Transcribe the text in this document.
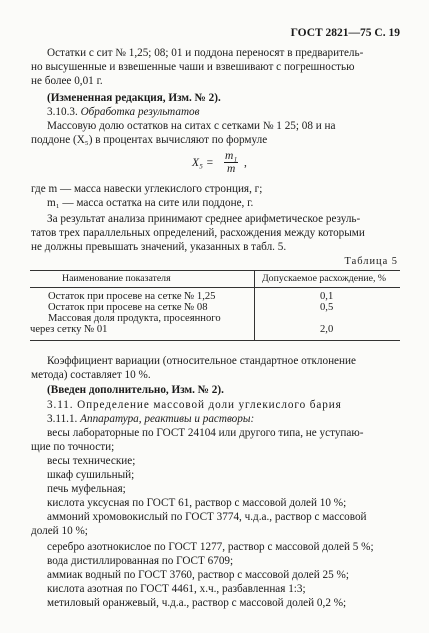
ГОСТ 2821—75 С. 19
Остатки с сит № 1,25; 08; 01 и поддона переносят в предваритель-
но высушенные и взвешенные чаши и взвешивают с погрешностью
не более 0,01 г.
(Измененная редакция, Изм. № 2).
3.10.3. Обработка результатов
Массовую долю остатков на ситах с сетками № 1 25; 08 и на
поддоне (X₅) в процентах вычисляют по формуле
$X_5 = \frac{\text{m₁}}{m}$ ,
где m — масса навески углекислого стронция, г;
m₁ — масса остатка на сите или поддоне, г.
За результат анализа принимают среднее арифметическое резуль-
татов трех параллельных определений, расхождения между которыми
не должны превышать значений, указанных в табл. 5.
Таблица 5
Наименование показателя	Допускаемое расхождение, %
Остаток при просеве на сетке № 1,25	0,1
Остаток при просеве на сетке № 08	0,5
Массовая доля продукта, просеянного
через сетку № 01	2,0
Коэффициент вариации (относительное стандартное отклонение
метода) составляет 10 %.
(Введен дополнительно, Изм. № 2).
3.11. Определение массовой доли углекислого бария
3.11.1. Аппаратура, реактивы и растворы:
весы лабораторные по ГОСТ 24104 или другого типа, не уступаю-
щие по точности;
весы технические;
шкаф сушильный;
печь муфельная;
кислота уксусная по ГОСТ 61, раствор с массовой долей 10 %;
аммоний хромовокислый по ГОСТ 3774, ч.д.а., раствор с массовой
долей 10 %;
серебро азотнокислое по ГОСТ 1277, раствор с массовой долей 5 %;
вода дистиллированная по ГОСТ 6709;
аммиак водный по ГОСТ 3760, раствор с массовой долей 25 %;
кислота азотная по ГОСТ 4461, х.ч., разбавленная 1:3;
метиловый оранжевый, ч.д.а., раствор с массовой долей 0,2 %;
